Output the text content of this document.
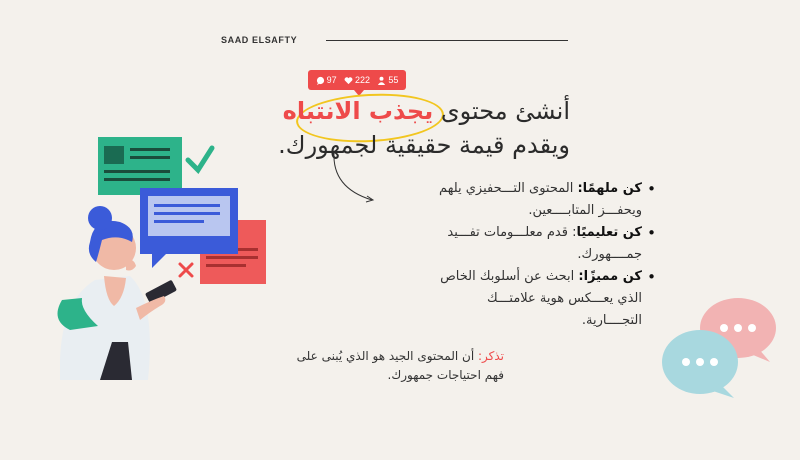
SAAD ELSAFTY
97 222 55
أنشئ محتوى يجذب الانتباه ويقدم قيمة حقيقية لجمهورك.
• كن ملهمًا: المحتوى التـــحفيزي يلهم ويحفـــز المتابــــعين.
• كن تعليميًا: قدم معلـــومات تفـــيد جمــــهورك.
• كن مميزًا: ابحث عن أسلوبك الخاص الذي يعـــكس هوية علامتـــك التجــــارية.
تذكر: أن المحتوى الجيد هو الذي يُبنى على فهم احتياجات جمهورك.
